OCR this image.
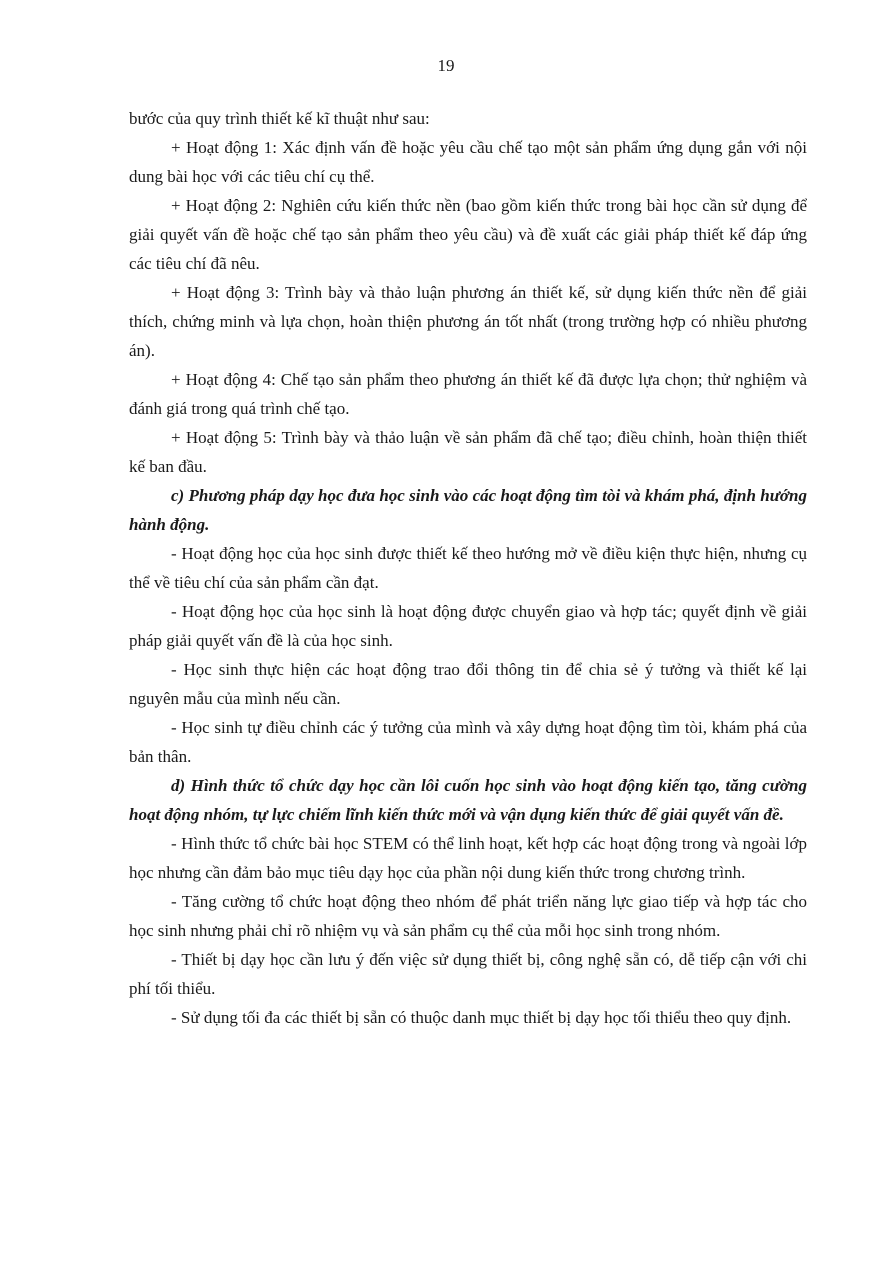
19

bước của quy trình thiết kế kĩ thuật như sau:

+ Hoạt động 1: Xác định vấn đề hoặc yêu cầu chế tạo một sản phẩm ứng dụng gắn với nội dung bài học với các tiêu chí cụ thể.

+ Hoạt động 2: Nghiên cứu kiến thức nền (bao gồm kiến thức trong bài học cần sử dụng để giải quyết vấn đề hoặc chế tạo sản phẩm theo yêu cầu) và đề xuất các giải pháp thiết kế đáp ứng các tiêu chí đã nêu.

+ Hoạt động 3: Trình bày và thảo luận phương án thiết kế, sử dụng kiến thức nền để giải thích, chứng minh và lựa chọn, hoàn thiện phương án tốt nhất (trong trường hợp có nhiều phương án).

+ Hoạt động 4: Chế tạo sản phẩm theo phương án thiết kế đã được lựa chọn; thử nghiệm và đánh giá trong quá trình chế tạo.

+ Hoạt động 5: Trình bày và thảo luận về sản phẩm đã chế tạo; điều chỉnh, hoàn thiện thiết kế ban đầu.

c) Phương pháp dạy học đưa học sinh vào các hoạt động tìm tòi và khám phá, định hướng hành động.

- Hoạt động học của học sinh được thiết kế theo hướng mở về điều kiện thực hiện, nhưng cụ thể về tiêu chí của sản phẩm cần đạt.

- Hoạt động học của học sinh là hoạt động được chuyển giao và hợp tác; quyết định về giải pháp giải quyết vấn đề là của học sinh.

- Học sinh thực hiện các hoạt động trao đổi thông tin để chia sẻ ý tưởng và thiết kế lại nguyên mẫu của mình nếu cần.

- Học sinh tự điều chỉnh các ý tưởng của mình và xây dựng hoạt động tìm tòi, khám phá của bản thân.

d) Hình thức tổ chức dạy học cần lôi cuốn học sinh vào hoạt động kiến tạo, tăng cường hoạt động nhóm, tự lực chiếm lĩnh kiến thức mới và vận dụng kiến thức để giải quyết vấn đề.

- Hình thức tổ chức bài học STEM có thể linh hoạt, kết hợp các hoạt động trong và ngoài lớp học nhưng cần đảm bảo mục tiêu dạy học của phần nội dung kiến thức trong chương trình.

- Tăng cường tổ chức hoạt động theo nhóm để phát triển năng lực giao tiếp và hợp tác cho học sinh nhưng phải chỉ rõ nhiệm vụ và sản phẩm cụ thể của mỗi học sinh trong nhóm.

- Thiết bị dạy học cần lưu ý đến việc sử dụng thiết bị, công nghệ sẵn có, dễ tiếp cận với chi phí tối thiểu.

- Sử dụng tối đa các thiết bị sẵn có thuộc danh mục thiết bị dạy học tối thiểu theo quy định.
